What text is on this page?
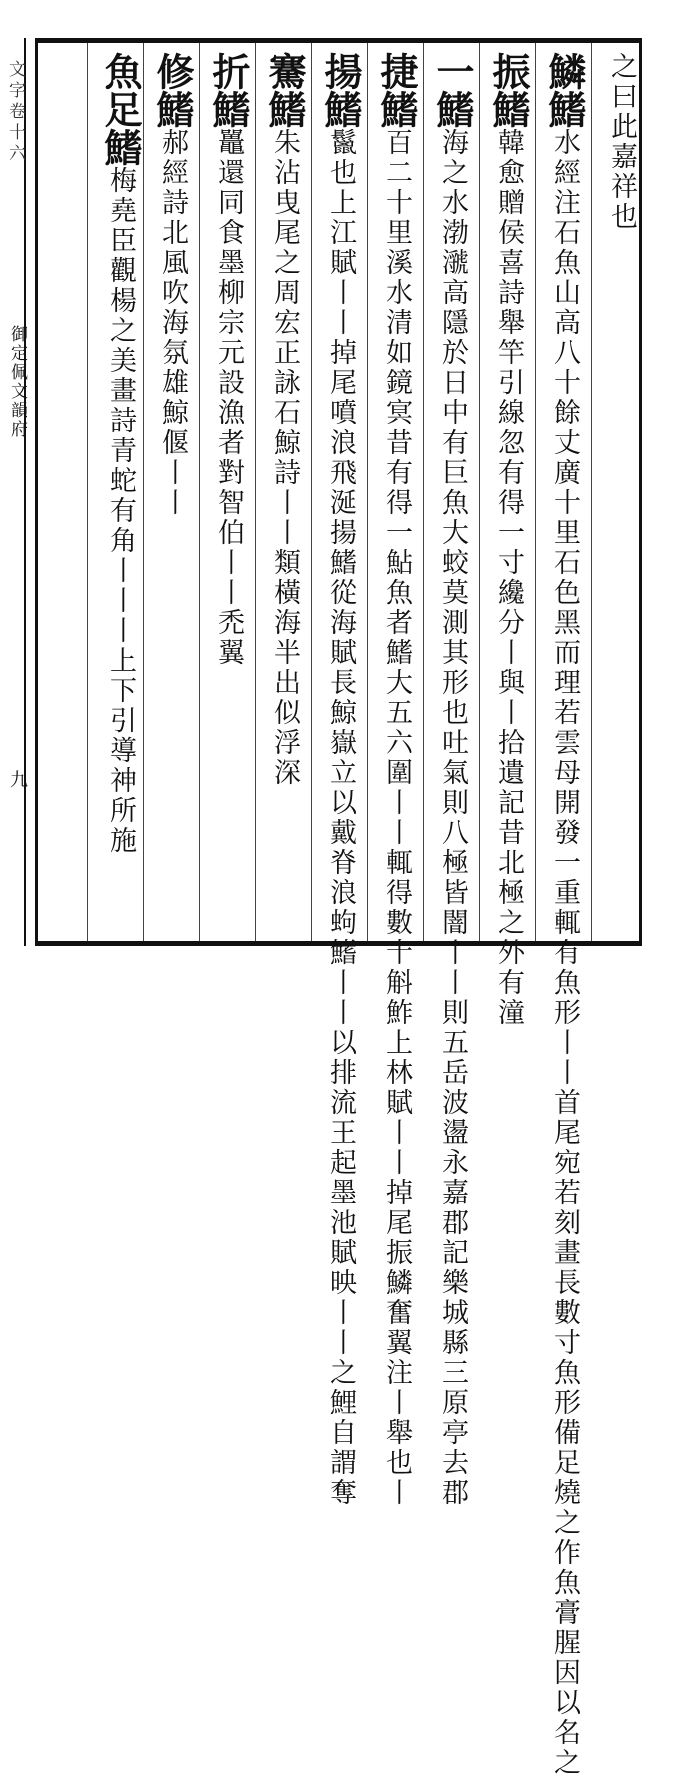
文字卷十六
御定佩文韻府
九
之曰此嘉祥也
鱗鰭水經注石魚山高八十餘丈廣十里石色黑而理若雲母開發一重輒有魚形丨丨首尾宛若刻畫長數寸魚形備足燒之作魚膏腥因以名之
振鰭韓愈贈侯喜詩舉竿引線忽有得一寸纔分丨與丨拾遺記昔北極之外有潼
一鰭海之水渤㶁高隱於日中有巨魚大蛟莫測其形也吐氣則八極皆闇丨丨則五岳波盪永嘉郡記樂城縣三原亭去郡
捷鰭百二十里溪水清如鏡㝠昔有得一鮎魚者鰭大五六圍丨丨輒得數十斛鮓上林賦丨丨掉尾振鱗奮翼注丨舉也丨
揚鰭鬣也上江賦丨丨掉尾噴浪飛涎揚鰭從海賦長鯨嶽立以戴脊浪蚼鰭丨丨以排流王起墨池賦映丨丨之鯉自謂奪
騫鰭朱沾曳尾之周宏正詠石鯨詩丨丨類橫海半出似浮深
折鰭鼉還同食墨柳宗元設漁者對智伯丨丨禿翼
修鰭郝經詩北風吹海氛雄鯨偃丨丨
魚足鰭梅堯臣觀楊之美畫詩青蛇有角丨丨丨上下引導神所施
